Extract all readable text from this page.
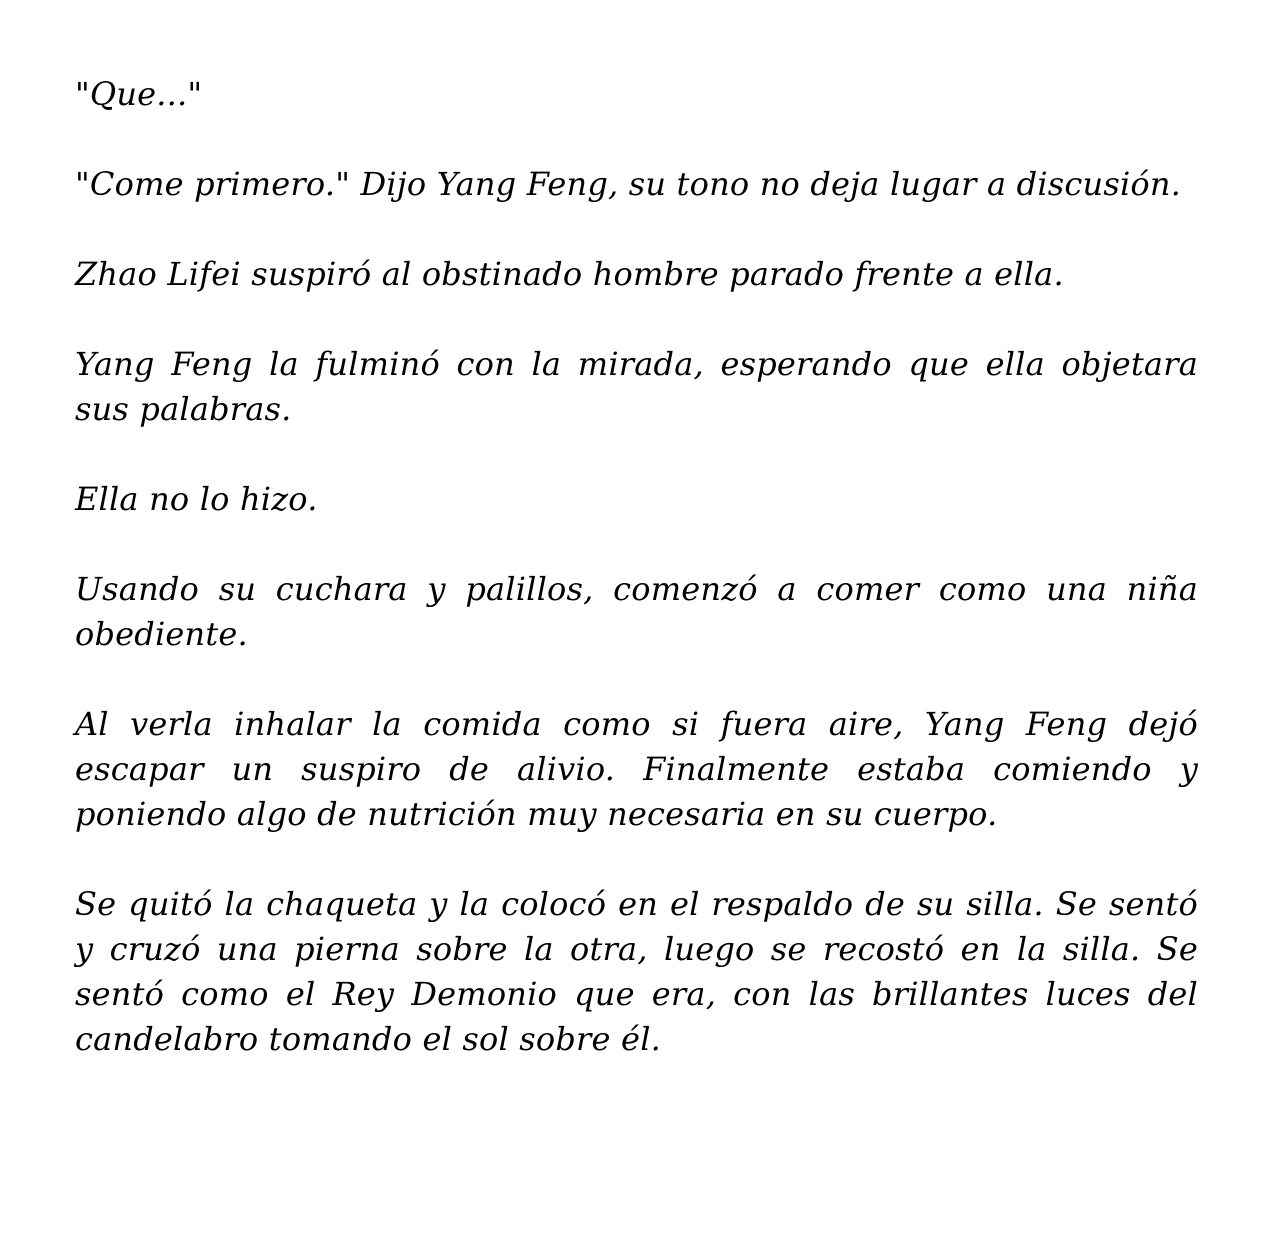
"Que..."

"Come primero." Dijo Yang Feng, su tono no deja lugar a discusión.

Zhao Lifei suspiró al obstinado hombre parado frente a ella.

Yang Feng la fulminó con la mirada, esperando que ella objetara sus palabras.

Ella no lo hizo.

Usando su cuchara y palillos, comenzó a comer como una niña obediente.

Al verla inhalar la comida como si fuera aire, Yang Feng dejó escapar un suspiro de alivio. Finalmente estaba comiendo y poniendo algo de nutrición muy necesaria en su cuerpo.

Se quitó la chaqueta y la colocó en el respaldo de su silla. Se sentó y cruzó una pierna sobre la otra, luego se recostó en la silla. Se sentó como el Rey Demonio que era, con las brillantes luces del candelabro tomando el sol sobre él.
